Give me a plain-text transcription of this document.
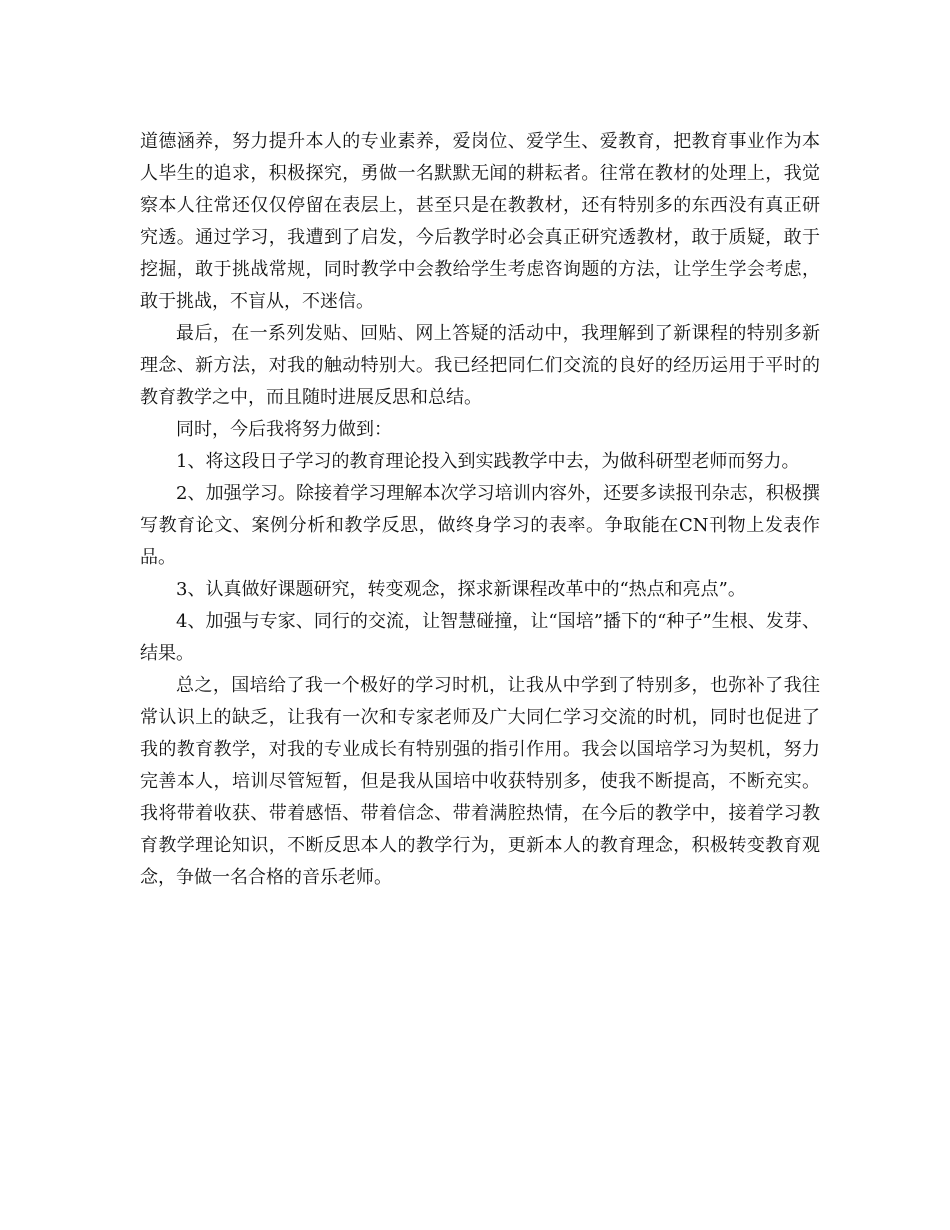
道德涵养，努力提升本人的专业素养，爱岗位、爱学生、爱教育，把教育事业作为本人毕生的追求，积极探究，勇做一名默默无闻的耕耘者。往常在教材的处理上，我觉察本人往常还仅仅停留在表层上，甚至只是在教教材，还有特别多的东西没有真正研究透。通过学习，我遭到了启发，今后教学时必会真正研究透教材，敢于质疑，敢于挖掘，敢于挑战常规，同时教学中会教给学生考虑咨询题的方法，让学生学会考虑，敢于挑战，不盲从，不迷信。

最后，在一系列发贴、回贴、网上答疑的活动中，我理解到了新课程的特别多新理念、新方法，对我的触动特别大。我已经把同仁们交流的良好的经历运用于平时的教育教学之中，而且随时进展反思和总结。

同时，今后我将努力做到：

1、将这段日子学习的教育理论投入到实践教学中去，为做科研型老师而努力。

2、加强学习。除接着学习理解本次学习培训内容外，还要多读报刊杂志，积极撰写教育论文、案例分析和教学反思，做终身学习的表率。争取能在CN刊物上发表作品。

3、认真做好课题研究，转变观念，探求新课程改革中的“热点和亮点”。

4、加强与专家、同行的交流，让智慧碰撞，让“国培”播下的“种子”生根、发芽、结果。

总之，国培给了我一个极好的学习时机，让我从中学到了特别多，也弥补了我往常认识上的缺乏，让我有一次和专家老师及广大同仁学习交流的时机，同时也促进了我的教育教学，对我的专业成长有特别强的指引作用。我会以国培学习为契机，努力完善本人，培训尽管短暂，但是我从国培中收获特别多，使我不断提高，不断充实。我将带着收获、带着感悟、带着信念、带着满腔热情，在今后的教学中，接着学习教育教学理论知识，不断反思本人的教学行为，更新本人的教育理念，积极转变教育观念，争做一名合格的音乐老师。
